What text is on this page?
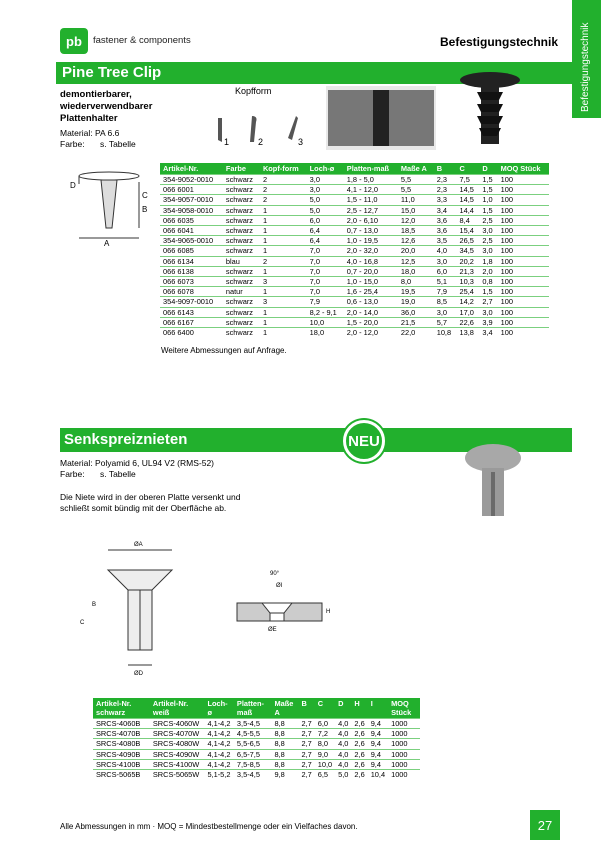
pb	fastener & components	Befestigungstechnik Befestigungstechnik
Pine Tree Clip
demontierbarer,
wiederverwendbarer
Plattenhalter
Material: PA 6.6
Farbe: s. Tabelle
Kopfform
1	2	3
D
C
B
A
Artikel-Nr.	Farbe	Kopf-form	Loch-ø	Platten-maß	Maße A	B	C	D	MOQ Stück
354-9052-0010	schwarz	2	3,0	1,8 - 5,0	5,5	2,3	7,5	1,5	100
066 6001	schwarz	2	3,0	4,1 - 12,0	5,5	2,3	14,5	1,5	100
354-9057-0010	schwarz	2	5,0	1,5 - 11,0	11,0	3,3	14,5	1,0	100
354-9058-0010	schwarz	1	5,0	2,5 - 12,7	15,0	3,4	14,4	1,5	100
066 6035	schwarz	1	6,0	2,0 - 6,10	12,0	3,6	8,4	2,5	100
066 6041	schwarz	1	6,4	0,7 - 13,0	18,5	3,6	15,4	3,0	100
354-9065-0010	schwarz	1	6,4	1,0 - 19,5	12,6	3,5	26,5	2,5	100
066 6085	schwarz	1	7,0	2,0 - 32,0	20,0	4,0	34,5	3,0	100
066 6134	blau	2	7,0	4,0 - 16,8	12,5	3,0	20,2	1,8	100
066 6138	schwarz	1	7,0	0,7 - 20,0	18,0	6,0	21,3	2,0	100
066 6073	schwarz	3	7,0	1,0 - 15,0	8,0	5,1	10,3	0,8	100
066 6078	natur	1	7,0	1,6 - 25,4	19,5	7,9	25,4	1,5	100
354-9097-0010	schwarz	3	7,9	0,6 - 13,0	19,0	8,5	14,2	2,7	100
066 6143	schwarz	1	8,2 - 9,1	2,0 - 14,0	36,0	3,0	17,0	3,0	100
066 6167	schwarz	1	10,0	1,5 - 20,0	21,5	5,7	22,6	3,9	100
066 6400	schwarz	1	18,0	2,0 - 12,0	22,0	10,8	13,8	3,4	100
Weitere Abmessungen auf Anfrage.
Senkspreiznieten	NEU
Material: Polyamid 6, UL94 V2 (RMS-52)
Farbe: s. Tabelle
Die Niete wird in der oberen Platte versenkt und
schließt somit bündig mit der Oberfläche ab.
ØA
B
C
ØD
90°
ØI
ØE
H
Artikel-Nr. schwarz	Artikel-Nr. weiß	Loch-ø	Platten-maß	Maße A	B	C	D	H	I	MOQ Stück
SRCS-4060B	SRCS-4060W	4,1-4,2	3,5-4,5	8,8	2,7	6,0	4,0	2,6	9,4	1000
SRCS-4070B	SRCS-4070W	4,1-4,2	4,5-5,5	8,8	2,7	7,2	4,0	2,6	9,4	1000
SRCS-4080B	SRCS-4080W	4,1-4,2	5,5-6,5	8,8	2,7	8,0	4,0	2,6	9,4	1000
SRCS-4090B	SRCS-4090W	4,1-4,2	6,5-7,5	8,8	2,7	9,0	4,0	2,6	9,4	1000
SRCS-4100B	SRCS-4100W	4,1-4,2	7,5-8,5	8,8	2,7	10,0	4,0	2,6	9,4	1000
SRCS-5065B	SRCS-5065W	5,1-5,2	3,5-4,5	9,8	2,7	6,5	5,0	2,6	10,4	1000
Alle Abmessungen in mm · MOQ = Mindestbestellmenge oder ein Vielfaches davon.	27
